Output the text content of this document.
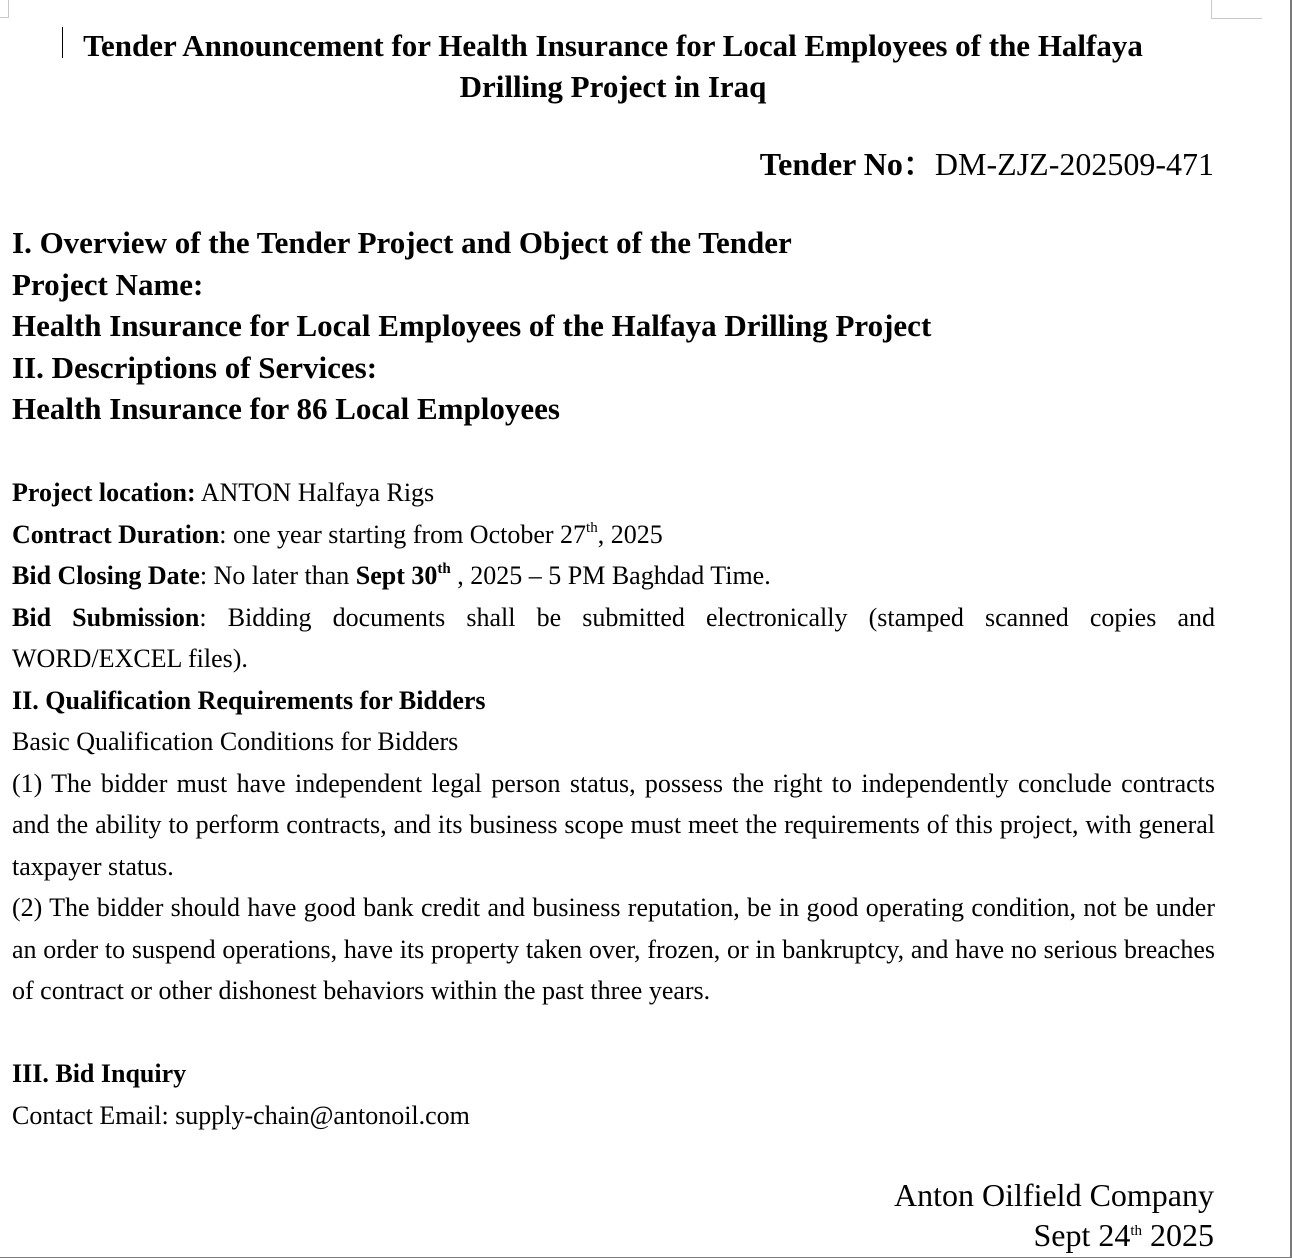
Tender Announcement for Health Insurance for Local Employees of the Halfaya
Drilling Project in Iraq
Tender No：DM-ZJZ-202509-471
I. Overview of the Tender Project and Object of the Tender
Project Name:
Health Insurance for Local Employees of the Halfaya Drilling Project
II. Descriptions of Services:
Health Insurance for 86 Local Employees

Project location: ANTON Halfaya Rigs

Contract Duration: one year starting from October 27th, 2025

Bid Closing Date: No later than Sept 30th , 2025 – 5 PM Baghdad Time.

Bid Submission: Bidding documents shall be submitted electronically (stamped scanned copies and WORD/EXCEL files).

II. Qualification Requirements for Bidders

Basic Qualification Conditions for Bidders

(1) The bidder must have independent legal person status, possess the right to independently conclude contracts and the ability to perform contracts, and its business scope must meet the requirements of this project, with general taxpayer status.

(2) The bidder should have good bank credit and business reputation, be in good operating condition, not be under an order to suspend operations, have its property taken over, frozen, or in bankruptcy, and have no serious breaches of contract or other dishonest behaviors within the past three years.

III. Bid Inquiry

Contact Email: supply-chain@antonoil.com

Anton Oilfield Company
Sept 24th 2025
